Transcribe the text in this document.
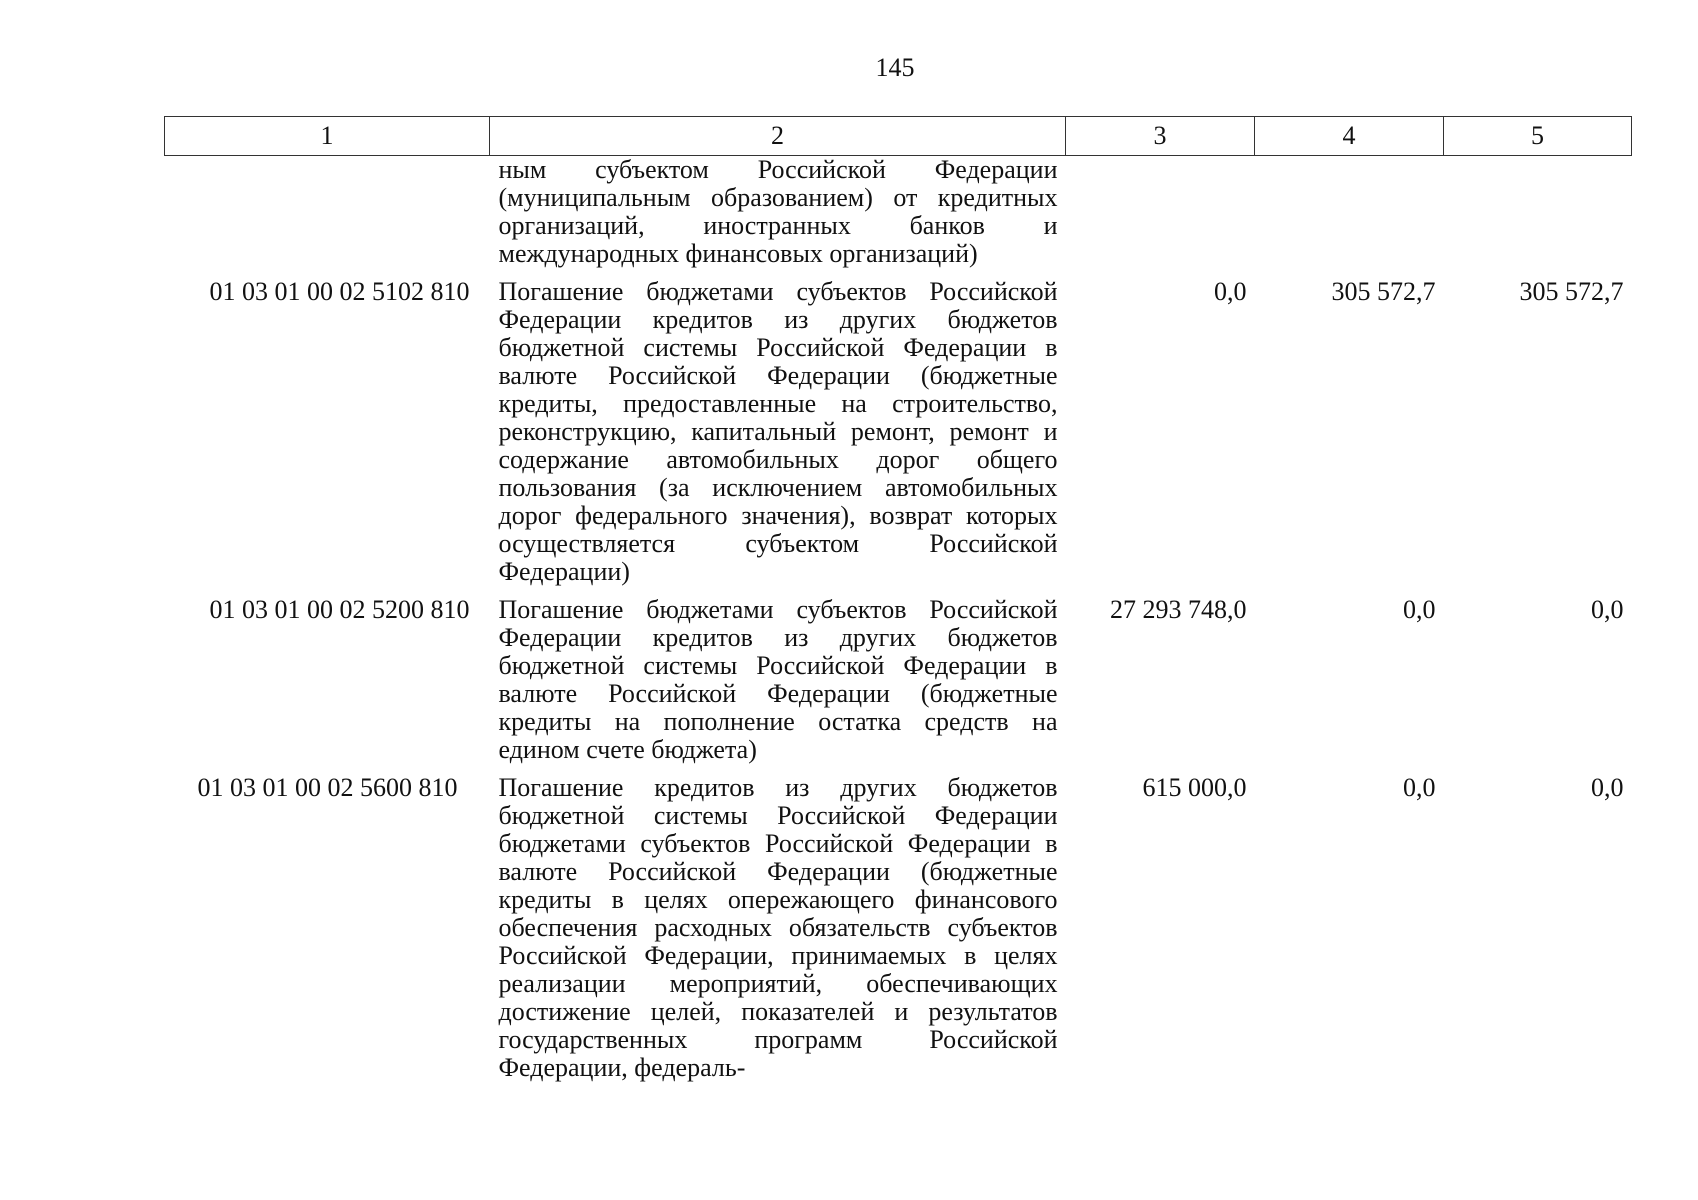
145
1	2	3	4	5
	ным субъектом Российской Федерации (муниципальным образованием) от кредитных организаций, иностранных банков и международных финансовых организаций)			
01 03 01 00 02 5102 810	Погашение бюджетами субъектов Российской Федерации кредитов из других бюджетов бюджетной системы Российской Федерации в валюте Российской Федерации (бюджетные кредиты, предоставленные на строительство, реконструкцию, капитальный ремонт, ремонт и содержание автомобильных дорог общего пользования (за исключением автомобильных дорог федерального значения), возврат которых осуществляется субъектом Российской Федерации)	0,0	305 572,7	305 572,7
01 03 01 00 02 5200 810	Погашение бюджетами субъектов Российской Федерации кредитов из других бюджетов бюджетной системы Российской Федерации в валюте Российской Федерации (бюджетные кредиты на пополнение остатка средств на едином счете бюджета)	27 293 748,0	0,0	0,0
01 03 01 00 02 5600 810	Погашение кредитов из других бюджетов бюджетной системы Российской Федерации бюджетами субъектов Российской Федерации в валюте Российской Федерации (бюджетные кредиты в целях опережающего финансового обеспечения расходных обязательств субъектов Российской Федерации, принимаемых в целях реализации мероприятий, обеспечивающих достижение целей, показателей и результатов государственных программ Российской Федерации, федераль-	615 000,0	0,0	0,0
